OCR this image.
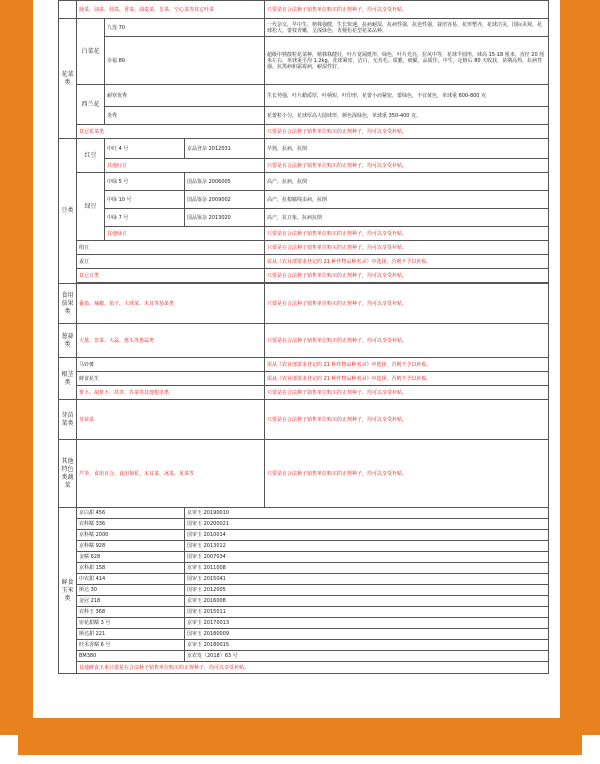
	菠菜、油菜、荷蒿、香菜、油麦菜、韭菜、空心菜等其它叶菜			只要是在合法种子销售单位购买的正规种子，均可以享受补贴。
花菜类	白菜花	九莲 70		一代杂交，早中生，植株强健，生长快速，抗病耐湿，抗病性强，抗逆性强，栽培容易，花形整齐，花球洁美，国际美观，花球松大，蕾枝青嫩，呈浅绿色，青梗松花型花菜品种。
		幸福 80		超级中熟散粒花菜种，植株株健壮，叶片宽阔挺形，绿色，叶片光亮，拉风中等，花球半圆形，球高 15-18 厘米，直径 20 厘米左右，单球重平均 1.2kg，花球紧密，洁白，无茸毛，质脆，细腻，品质佳，中生，定植后 80 天收获，苗期高热，抗病性强，抗黑病和霜霉病，耐湿性好。
	西兰花	耐寒优秀		生长势强，叶片蜡质厚，叶柄短，叶印形，花蕾小而紧密，蕾绿色，不宜黄色，单球重 600-800 克
		炎秀		花蕾粒小匀，花球厚高大圆球形，颜色深绿色，单球重 350-400 克。
	其它花菜类			只要是在合法种子销售单位购买的正规种子，均可以享受补贴。
豆类	红豆	中红 4 号	京品登杂 2012031	早熟，抗病，抗倒
		其他红豆		只要是在合法种子销售单位购买的正规种子，均可以享受补贴。
	绿豆	中绿 5 号	国品鉴杂 2006005	高产，抗病，抗倒
		中绿 10 号	国品鉴杂 2009002	高产，抗根腐线虫病，抗倒
		中绿 7 号	国品鉴杂 2013020	高产，抗豆象，抗病抗倒
		其他绿豆		只要是在合法种子销售单位购买的正规种子，均可以享受补贴。
	绢豆			只要是在合法种子销售单位购买的正规种子，均可以享受补贴。
	蚕豆			需从《农业部要求登记的 21 种作物品种名录》中选择，否则不予以补贴。
	其它豆类			只要是在合法种子销售单位购买的正规种子，均可以享受补贴。

食用茄果类	番茄、辣椒、茄子、大球菜、木耳等茄果类			只要是在合法种子销售单位购买的正规种子，均可以享受补贴。
葱蒜类	大葱、韭菜、大蒜、葱头等葱蒜类			只要是在合法种子销售单位购买的正规种子，均可以享受补贴。
根茎类	马铃薯			需从《农业部要求登记的 21 种作物品种名录》中选择，否则不予以补贴。
	鲜食花生			需从《农业部要求登记的 21 种作物品种名录》中选择，否则不予以补贴。
	萝卜、胡萝卜、莴笋、芥菜等其他根茎类			只要是在合法种子销售单位购买的正规种子，均可以享受补贴。
芽苗菜类	芽苗菜			只要是在合法种子销售单位购买的正规种子，均可以享受补贴。
其他特色类蔬菜	芦笋、食用百合、食用菊花、木耳菜、冰菜、苋菜等			只要是在合法种子销售单位购买的正规种子，均可以享受补贴。
鲜食玉米类	京白甜 456		京审玉 20190010	
	农科糯 336		国审玉 20200021	
	京科糯 2000		国审玉 2010014	
	京科糯 928		国审玉 2013012	
	金糯 628		国审玉 2007034	
	京科甜 158		京审玉 2011008	
	中农甜 414		国审玉 2015041	
	斯达 30		国审玉 2012005	
	金冠 218		京审玉 2016008	
	农科玉 368		国审玉 2015011	
	密花甜糯 3 号		京审玉 20170013	
	斯达甜 221		国审玉 20180009	
	旺禾香糯 6 号		京审玉 20180015	
	BM380		京农发（2018）63 号	
	其他鲜食玉米只要是在合法种子销售单位购买的正规种子，均可以享受补贴。			
